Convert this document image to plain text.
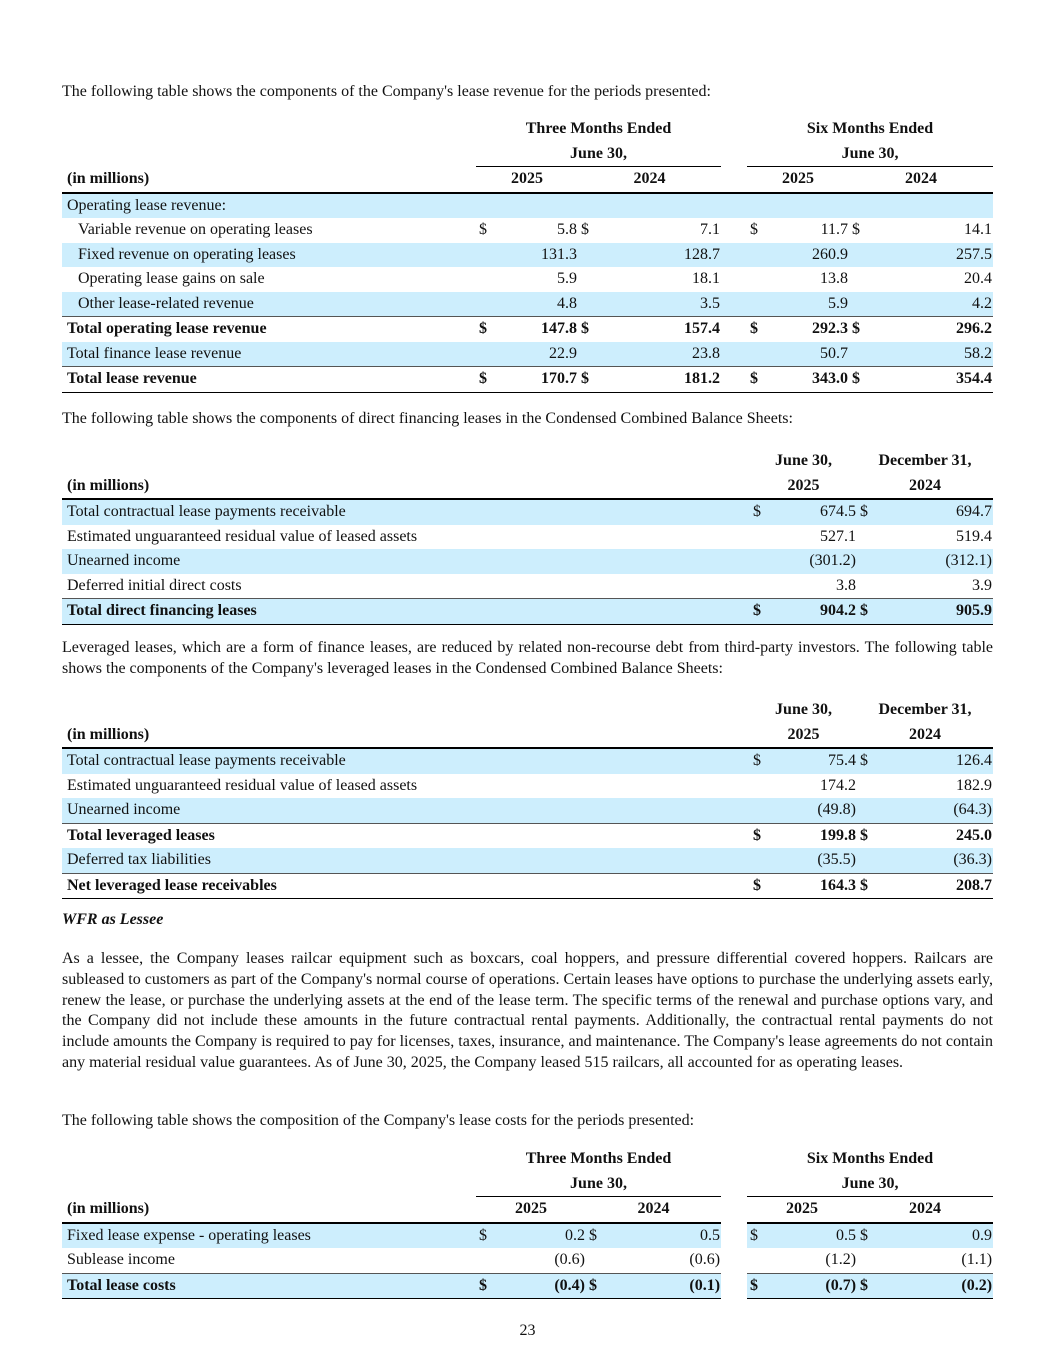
The following table shows the components of the Company's lease revenue for the periods presented:

	Three Months Ended					Six Months Ended			
	June 30,					June 30,			
(in millions)	2025		2024			2025		2024	
Operating lease revenue:									
Variable revenue on operating leases	$	5.8	$	7.1		$	11.7	$	14.1
Fixed revenue on operating leases		131.3		128.7			260.9		257.5
Operating lease gains on sale		5.9		18.1			13.8		20.4
Other lease-related revenue		4.8		3.5			5.9		4.2
Total operating lease revenue	$	147.8	$	157.4		$	292.3	$	296.2
Total finance lease revenue		22.9		23.8			50.7		58.2
Total lease revenue	$	170.7	$	181.2		$	343.0	$	354.4

The following table shows the components of direct financing leases in the Condensed Combined Balance Sheets:

	June 30,		December 31,	
(in millions)	2025		2024	
Total contractual lease payments receivable	$	674.5	$	694.7
Estimated unguaranteed residual value of leased assets		527.1		519.4
Unearned income		(301.2)		(312.1)
Deferred initial direct costs		3.8		3.9
Total direct financing leases	$	904.2	$	905.9

Leveraged leases, which are a form of finance leases, are reduced by related non-recourse debt from third-party investors. The following table shows the components of the Company's leveraged leases in the Condensed Combined Balance Sheets:

	June 30,		December 31,	
(in millions)	2025		2024	
Total contractual lease payments receivable	$	75.4	$	126.4
Estimated unguaranteed residual value of leased assets		174.2		182.9
Unearned income		(49.8)		(64.3)
Total leveraged leases	$	199.8	$	245.0
Deferred tax liabilities		(35.5)		(36.3)
Net leveraged lease receivables	$	164.3	$	208.7
WFR as Lessee

As a lessee, the Company leases railcar equipment such as boxcars, coal hoppers, and pressure differential covered hoppers. Railcars are subleased to customers as part of the Company's normal course of operations. Certain leases have options to purchase the underlying assets early, renew the lease, or purchase the underlying assets at the end of the lease term. The specific terms of the renewal and purchase options vary, and the Company did not include these amounts in the future contractual rental payments. Additionally, the contractual rental payments do not include amounts the Company is required to pay for licenses, taxes, insurance, and maintenance. The Company's lease agreements do not contain any material residual value guarantees. As of June 30, 2025, the Company leased 515 railcars, all accounted for as operating leases.

The following table shows the composition of the Company's lease costs for the periods presented:

	Three Months Ended					Six Months Ended			
	June 30,					June 30,			
(in millions)	2025		2024			2025		2024	
Fixed lease expense - operating leases	$	0.2	$	0.5		$	0.5	$	0.9
Sublease income		(0.6)		(0.6)			(1.2)		(1.1)
Total lease costs	$	(0.4)	$	(0.1)		$	(0.7)	$	(0.2)
23
